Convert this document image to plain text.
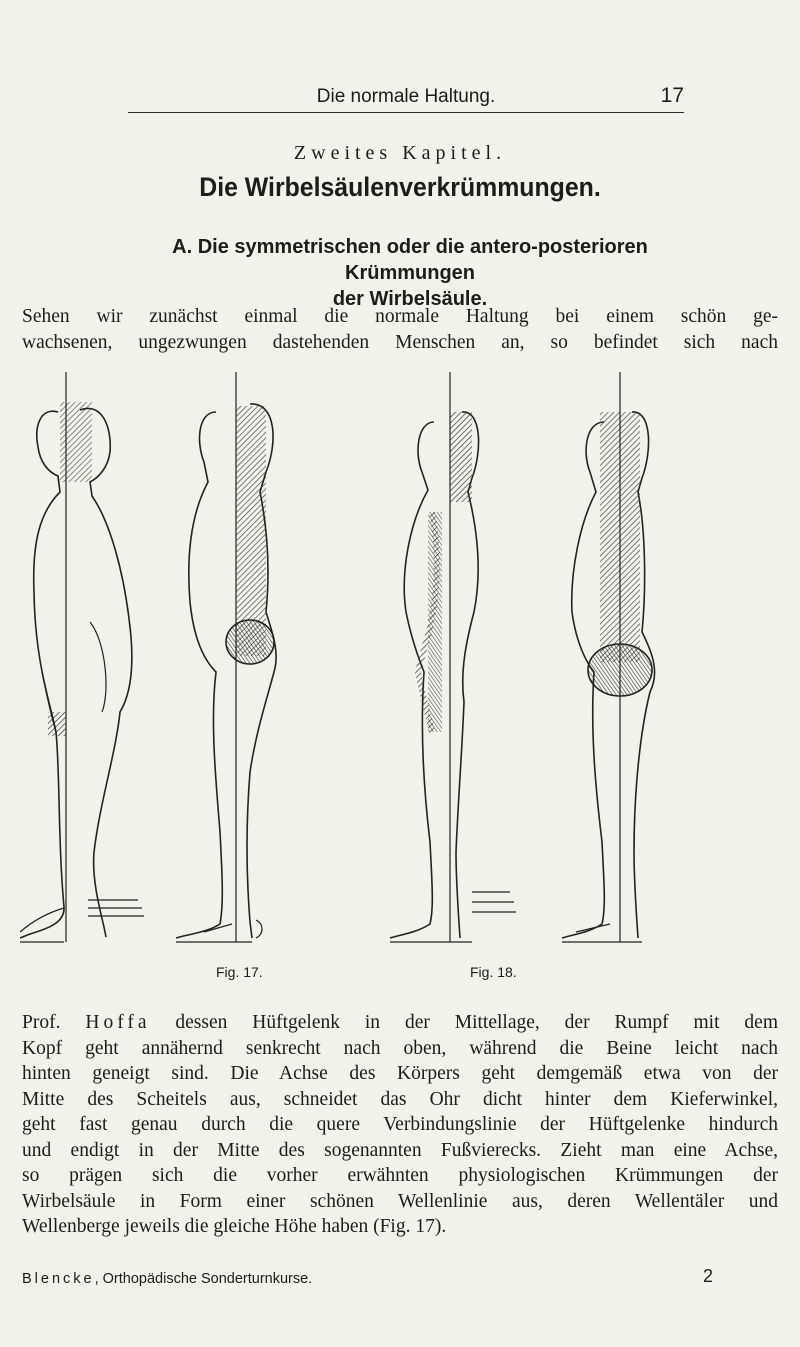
Die normale Haltung.	17
Zweites Kapitel.
Die Wirbelsäulenverkrümmungen.
A. Die symmetrischen oder die antero-posterioren Krümmungen
der Wirbelsäule.
Sehen wir zunächst einmal die normale Haltung bei einem schön ge-
wachsenen, ungezwungen dastehenden Menschen an, so befindet sich nach
Fig. 17.	Fig. 18.
Prof. Hoffa dessen Hüftgelenk in der Mittellage, der Rumpf mit dem
Kopf geht annähernd senkrecht nach oben, während die Beine leicht nach
hinten geneigt sind. Die Achse des Körpers geht demgemäß etwa von der
Mitte des Scheitels aus, schneidet das Ohr dicht hinter dem Kieferwinkel,
geht fast genau durch die quere Verbindungslinie der Hüftgelenke hindurch
und endigt in der Mitte des sogenannten Fußvierecks. Zieht man eine Achse,
so prägen sich die vorher erwähnten physiologischen Krümmungen der
Wirbelsäule in Form einer schönen Wellenlinie aus, deren Wellentäler und
Wellenberge jeweils die gleiche Höhe haben (Fig. 17).
Blencke, Orthopädische Sonderturnkurse.	2
